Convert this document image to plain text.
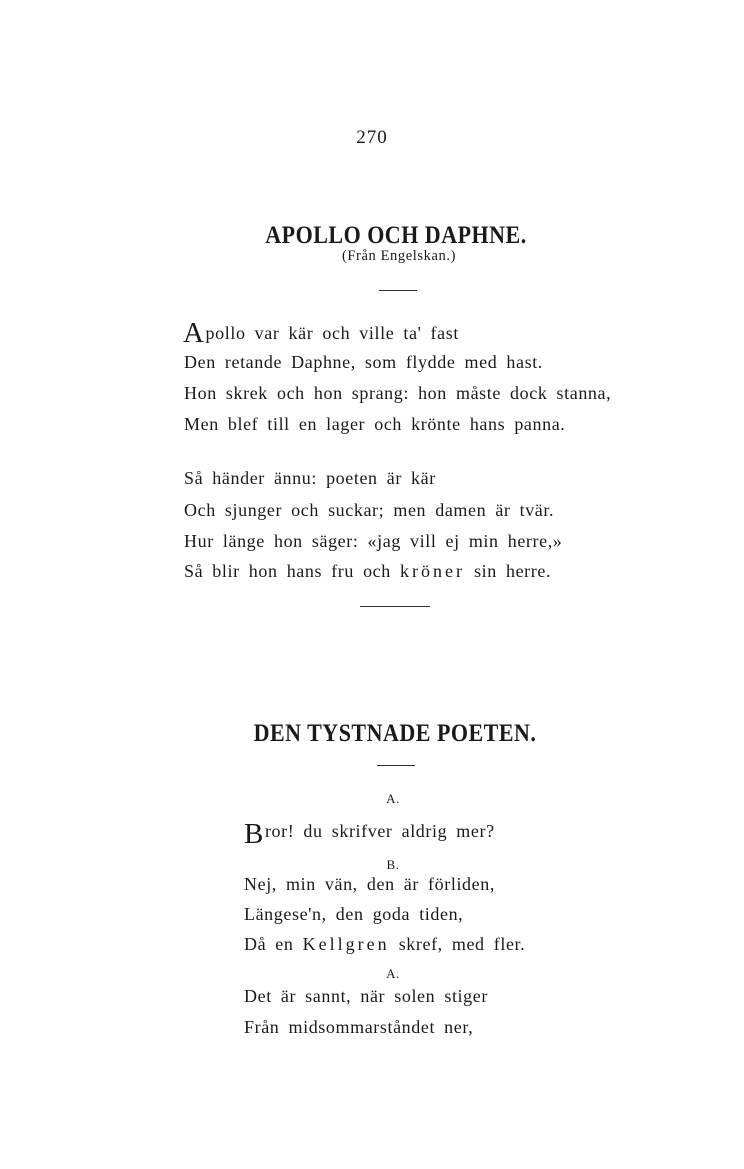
270
APOLLO OCH DAPHNE.
(Från Engelskan.)
Apollo var kär och ville ta' fast
Den retande Daphne, som flydde med hast.
Hon skrek och hon sprang: hon måste dock stanna,
Men blef till en lager och krönte hans panna.
Så händer ännu: poeten är kär
Och sjunger och suckar; men damen är tvär.
Hur länge hon säger: «jag vill ej min herre,»
Så blir hon hans fru och kröner sin herre.
DEN TYSTNADE POETEN.
A.
Bror! du skrifver aldrig mer?
B.
Nej, min vän, den är förliden,
Längese'n, den goda tiden,
Då en Kellgren skref, med fler.
A.
Det är sannt, när solen stiger
Från midsommarståndet ner,
